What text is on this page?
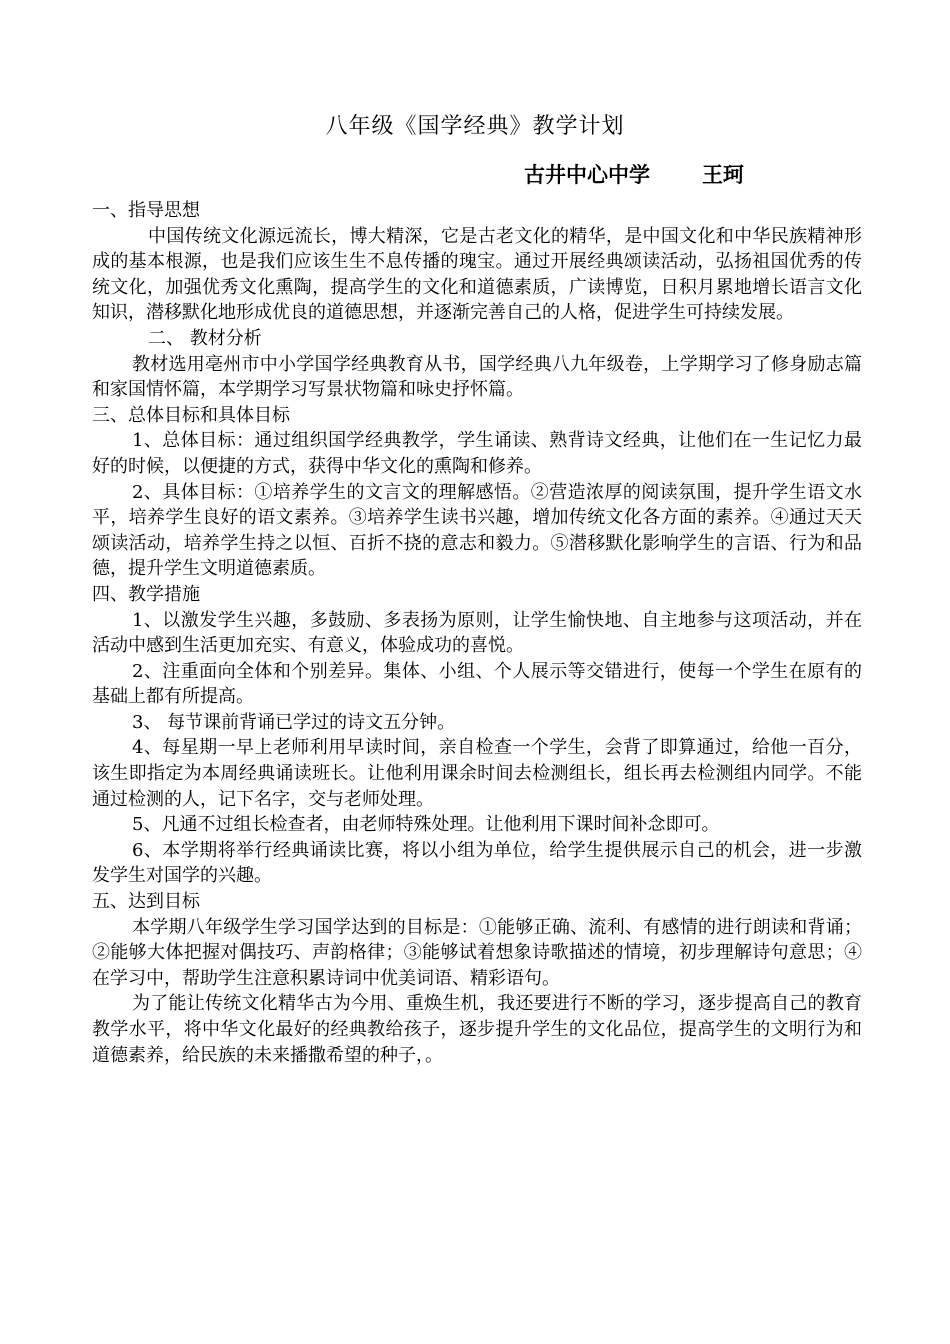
八年级《国学经典》教学计划
古井中心中学 王珂

一、指导思想

中国传统文化源远流长，博大精深，它是古老文化的精华，是中国文化和中华民族精神形成的基本根源，也是我们应该生生不息传播的瑰宝。通过开展经典颂读活动，弘扬祖国优秀的传统文化，加强优秀文化熏陶，提高学生的文化和道德素质，广读博览，日积月累地增长语言文化知识，潜移默化地形成优良的道德思想，并逐渐完善自己的人格，促进学生可持续发展。

二、 教材分析

教材选用亳州市中小学国学经典教育从书，国学经典八九年级卷，上学期学习了修身励志篇和家国情怀篇，本学期学习写景状物篇和咏史抒怀篇。

三、总体目标和具体目标

1、总体目标：通过组织国学经典教学，学生诵读、熟背诗文经典，让他们在一生记忆力最好的时候，以便捷的方式，获得中华文化的熏陶和修养。

2、具体目标：①培养学生的文言文的理解感悟。②营造浓厚的阅读氛围，提升学生语文水平，培养学生良好的语文素养。③培养学生读书兴趣，增加传统文化各方面的素养。④通过天天颂读活动，培养学生持之以恒、百折不挠的意志和毅力。⑤潜移默化影响学生的言语、行为和品德，提升学生文明道德素质。

四、教学措施

1、以激发学生兴趣，多鼓励、多表扬为原则，让学生愉快地、自主地参与这项活动，并在活动中感到生活更加充实、有意义，体验成功的喜悦。

2、注重面向全体和个别差异。集体、小组、个人展示等交错进行，使每一个学生在原有的基础上都有所提高。

3、 每节课前背诵已学过的诗文五分钟。

4、每星期一早上老师利用早读时间，亲自检查一个学生，会背了即算通过，给他一百分，该生即指定为本周经典诵读班长。让他利用课余时间去检测组长，组长再去检测组内同学。不能通过检测的人，记下名字，交与老师处理。

5、凡通不过组长检查者，由老师特殊处理。让他利用下课时间补念即可。

6、本学期将举行经典诵读比赛，将以小组为单位，给学生提供展示自己的机会，进一步激发学生对国学的兴趣。

五、达到目标

本学期八年级学生学习国学达到的目标是：①能够正确、流利、有感情的进行朗读和背诵；②能够大体把握对偶技巧、声韵格律；③能够试着想象诗歌描述的情境，初步理解诗句意思；④在学习中，帮助学生注意积累诗词中优美词语、精彩语句。

为了能让传统文化精华古为今用、重焕生机，我还要进行不断的学习，逐步提高自己的教育教学水平，将中华文化最好的经典教给孩子，逐步提升学生的文化品位，提高学生的文明行为和道德素养，给民族的未来播撒希望的种子，。
